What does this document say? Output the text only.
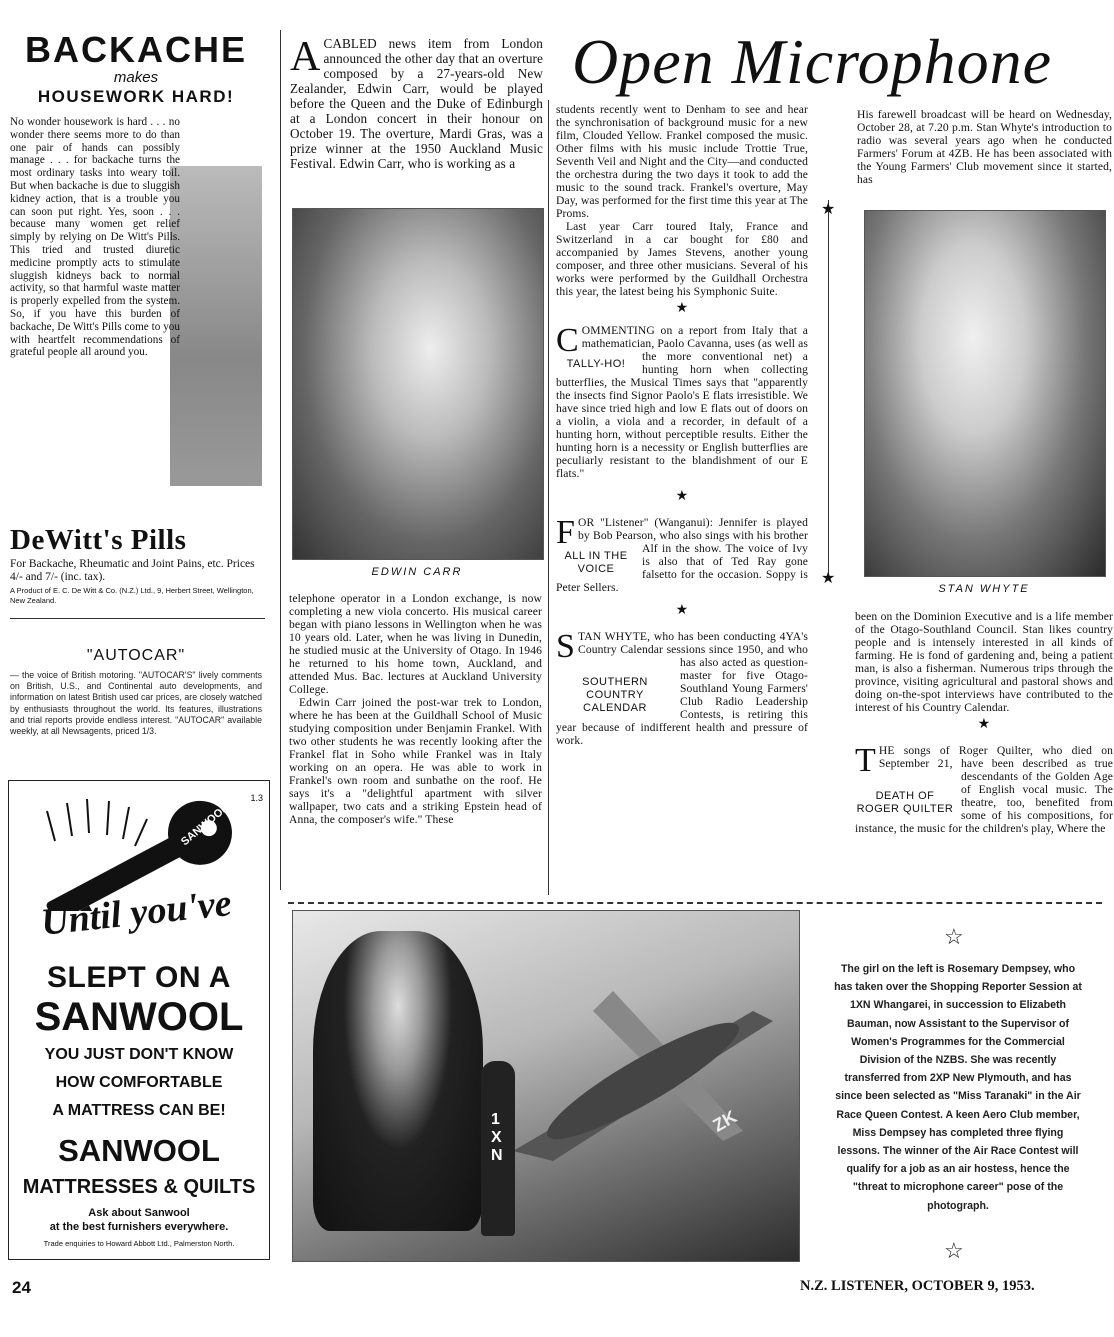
BACKACHE
makes
HOUSEWORK HARD!
No wonder housework is hard . . . no wonder there seems more to do than one pair of hands can possibly manage . . . for backache turns the most ordinary tasks into weary toil. But when backache is due to sluggish kidney action, that is a trouble you can soon put right. Yes, soon . . . because many women get relief simply by relying on De Witt's Pills. This tried and trusted diuretic medicine promptly acts to stimulate sluggish kidneys back to normal activity, so that harmful waste matter is properly expelled from the system. So, if you have this burden of backache, De Witt's Pills come to you with heartfelt recommendations of grateful people all around you.
DeWitt's Pills
For Backache, Rheumatic and Joint Pains, etc. Prices 4/- and 7/- (inc. tax).
A Product of E. C. De Witt & Co. (N.Z.) Ltd., 9, Herbert Street, Wellington, New Zealand.
"AUTOCAR"
— the voice of British motoring. "AUTOCAR'S" lively comments on British, U.S., and Continental auto developments, and information on latest British used car prices, are closely watched by enthusiasts throughout the world. Its features, illustrations and trial reports provide endless interest. "AUTOCAR" available weekly, at all Newsagents, priced 1/3.
1.3
KEY TO COMFORT
SANWOOL
Until you've
SLEPT ON A
SANWOOL
YOU JUST DON'T KNOW
HOW COMFORTABLE
A MATTRESS CAN BE!
SANWOOL
MATTRESSES & QUILTS
Ask about Sanwool
at the best furnishers everywhere.
Trade enquiries to Howard Abbott Ltd., Palmerston North.
Open Microphone
A CABLED news item from London announced the other day that an overture composed by a 27-years-old New Zealander, Edwin Carr, would be played before the Queen and the Duke of Edinburgh at a London concert in their honour on October 19. The overture, Mardi Gras, was a prize winner at the 1950 Auckland Music Festival. Edwin Carr, who is working as a
EDWIN CARR

telephone operator in a London exchange, is now completing a new viola concerto. His musical career began with piano lessons in Wellington when he was 10 years old. Later, when he was living in Dunedin, he studied music at the University of Otago. In 1946 he returned to his home town, Auckland, and attended Mus. Bac. lectures at Auckland University College.

Edwin Carr joined the post-war trek to London, where he has been at the Guildhall School of Music studying composition under Benjamin Frankel. With two other students he was recently looking after the Frankel flat in Soho while Frankel was in Italy working on an opera. He was able to work in Frankel's own room and sunbathe on the roof. He says it's a "delightful apartment with silver wallpaper, two cats and a striking Epstein head of Anna, the composer's wife." These

students recently went to Denham to see and hear the synchronisation of background music for a new film, Clouded Yellow. Frankel composed the music. Other films with his music include Trottie True, Seventh Veil and Night and the City—and conducted the orchestra during the two days it took to add the music to the sound track. Frankel's overture, May Day, was performed for the first time this year at The Proms.

Last year Carr toured Italy, France and Switzerland in a car bought for £80 and accompanied by James Stevens, another young composer, and three other musicians. Several of his works were performed by the Guildhall Orchestra this year, the latest being his Symphonic Suite.

★
C
TALLY-HO!
OMMENTING on a report from Italy that a mathematician, Paolo Cavanna, uses (as well as the more conventional net) a hunting horn when collecting butterflies, the Musical Times says that "apparently the insects find Signor Paolo's E flats irresistible. We have since tried high and low E flats out of doors on a violin, a viola and a recorder, in default of a hunting horn, without perceptible results. Either the hunting horn is a necessity or English butterflies are peculiarly resistant to the blandishment of our E flats."
★
F
ALL IN THE VOICE
OR "Listener" (Wanganui): Jennifer is played by Bob Pearson, who also sings with his brother Alf in the show. The voice of Ivy is also that of Ted Ray gone falsetto for the occasion. Soppy is Peter Sellers.
★
S
SOUTHERN COUNTRY CALENDAR
TAN WHYTE, who has been conducting 4YA's Country Calendar sessions since 1950, and who has also acted as question-master for five Otago-Southland Young Farmers' Club Radio Leadership Contests, is retiring this year because of indifferent health and pressure of work.
★
★

His farewell broadcast will be heard on Wednesday, October 28, at 7.20 p.m. Stan Whyte's introduction to radio was several years ago when he conducted Farmers' Forum at 4ZB. He has been associated with the Young Farmers' Club movement since it started, has

STAN WHYTE

been on the Dominion Executive and is a life member of the Otago-Southland Council. Stan likes country people and is intensely interested in all kinds of farming. He is fond of gardening and, being a patient man, is also a fisherman. Numerous trips through the province, visiting agricultural and pastoral shows and doing on-the-spot interviews have contributed to the interest of his Country Calendar.

★
T
DEATH OF ROGER QUILTER
HE songs of Roger Quilter, who died on September 21, have been described as true descendants of the Golden Age of English vocal music. The theatre, too, benefited from some of his compositions, for instance, the music for the children's play, Where the
1XN
ZK
☆
The girl on the left is Rosemary Dempsey, who has taken over the Shopping Reporter Session at 1XN Whangarei, in succession to Elizabeth Bauman, now Assistant to the Supervisor of Women's Programmes for the Commercial Division of the NZBS. She was recently transferred from 2XP New Plymouth, and has since been selected as "Miss Taranaki" in the Air Race Queen Contest. A keen Aero Club member, Miss Dempsey has completed three flying lessons. The winner of the Air Race Contest will qualify for a job as an air hostess, hence the "threat to microphone career" pose of the photograph.
☆
24	N.Z. LISTENER, OCTOBER 9, 1953.
